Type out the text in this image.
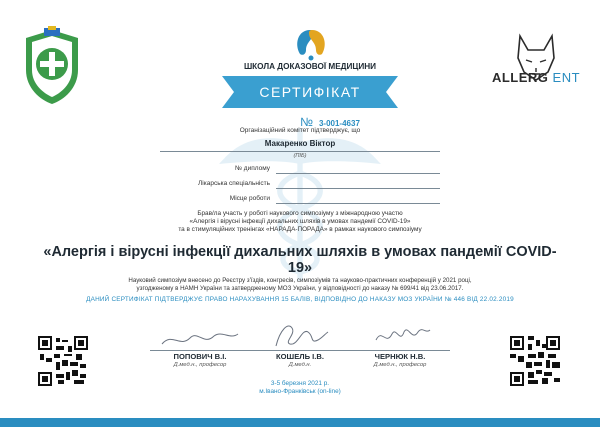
ALLERG ENT
ШКОЛА ДОКАЗОВОЇ МЕДИЦИНИ
СЕРТИФІКАТ
№ 3-001-4637
Організаційний комітет підтверджує, що
Макаренко Віктор
(ПІБ)
№ диплому
Лікарська спеціальність
Місце роботи
Брав/ла участь у роботі наукового симпозіуму з міжнародною участю
«Алергія і вірусні інфекції дихальних шляхів в умовах пандемії COVID-19»
та в стимуляційних тренінгах «НАРАДА-ПОРАДА» в рамках наукового симпозіуму
«Алергія і вірусні інфекції дихальних шляхів в умовах пандемії COVID-19»
Науковий симпозіум внесено до Реєстру з'їздів, конгресів, симпозіумів та науково-практичних конференцій у 2021 році,
узгодженому в НАМН України та затвердженому МОЗ України, у відповідності до наказу № 699/41 від 23.06.2017.
ДАНИЙ СЕРТИФІКАТ ПІДТВЕРДЖУЄ ПРАВО НАРАХУВАННЯ 15 БАЛІВ, ВІДПОВІДНО ДО НАКАЗУ МОЗ УКРАЇНИ № 446 ВІД 22.02.2019
ПОПОВИЧ В.І.
Д.мед.н., професор
КОШЕЛЬ І.В.
Д.мед.н.
ЧЕРНЮК Н.В.
Д.мед.н., професор
3-5 березня 2021 р.
м.Івано-Франківськ (on-line)
